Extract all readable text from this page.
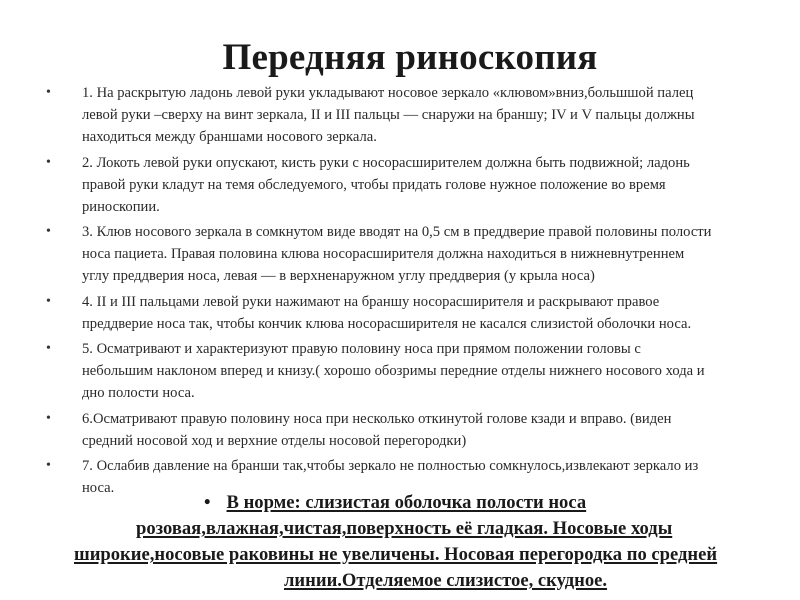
Передняя риноскопия
• 1. На раскрытую ладонь левой руки укладывают носовое зеркало «клювом»вниз,большшой палец
левой руки –сверху на винт зеркала, II и III пальцы — снаружи на браншу; IV и V пальцы должны
находиться между браншами носового зеркала.
• 2. Локоть левой руки опускают, кисть руки с носорасширителем должна быть подвижной; ладонь
правой руки кладут на темя обследуемого, чтобы придать голове нужное положение во время
риноскопии.
• 3. Клюв носового зеркала в сомкнутом виде вводят на 0,5 см в преддверие правой половины полости
носа пациета. Правая половина клюва носорасширителя должна находиться в нижневнутреннем
углу преддверия носа, левая — в верхненаружном углу преддверия (у крыла носа)
• 4. II и III пальцами левой руки нажимают на браншу носорасширителя и раскрывают правое
преддверие носа так, чтобы кончик клюва носорасширителя не касался слизистой оболочки носа.
• 5. Осматривают и характеризуют правую половину носа при прямом положении головы с
небольшим наклоном вперед и книзу.( хорошо обозримы передние отделы нижнего носового хода и
дно полости носа.
• 6.Осматривают правую половину носа при несколько откинутой голове кзади и вправо. (виден
средний носовой ход и верхние отделы носовой перегородки)
• 7. Ослабив давление на бранши так,чтобы зеркало не полностью сомкнулось,извлекают зеркало из
носа.
• В норме: слизистая оболочка полости носа
розовая,влажная,чистая,поверхность её гладкая. Носовые ходы
широкие,носовые раковины не увеличены. Носовая перегородка по средней
линии.Отделяемое слизистое, скудное.
